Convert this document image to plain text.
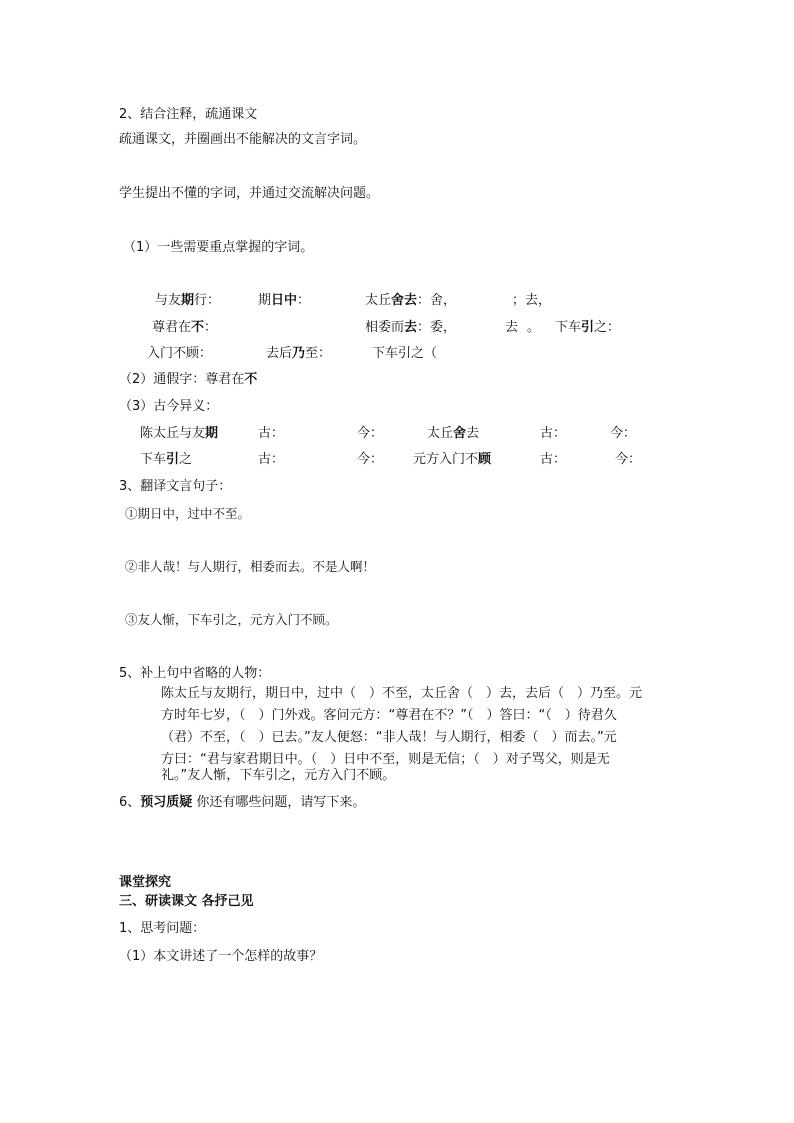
2、结合注释，疏通课文
疏通课文，并圈画出不能解决的文言字词。
学生提出不懂的字词，并通过交流解决问题。
（1）一些需要重点掌握的字词。
与友期行：	期日中：	太丘舍去：舍，	；去，
尊君在不：	相委而去：委，	去 。 下车引之：
入门不顾：	去后乃至：	下车引之（
（2）通假字：尊君在不
（3）古今异义：
陈太丘与友期	古：	今：	太丘舍去	古：	今：
下车引之	古：	今： 元方入门不顾	古：	今：
3、翻译文言句子：
①期日中，过中不至。
②非人哉！与人期行，相委而去。不是人啊！
③友人惭，下车引之，元方入门不顾。
5、补上句中省略的人物：
陈太丘与友期行，期日中，过中（　）不至，太丘舍（　）去，去后（　）乃至。元
方时年七岁，（　）门外戏。客问元方：“尊君在不？”（　）答曰：“（　）待君久
（君）不至，（　）已去。”友人便怒：“非人哉！与人期行，相委（　）而去。”元
方曰：“君与家君期日中。（　）日中不至，则是无信；（　）对子骂父，则是无
礼。”友人惭，下车引之，元方入门不顾。
6、预习质疑 你还有哪些问题，请写下来。
课堂探究
三、研读课文 各抒己见
1、思考问题：
（1）本文讲述了一个怎样的故事？
